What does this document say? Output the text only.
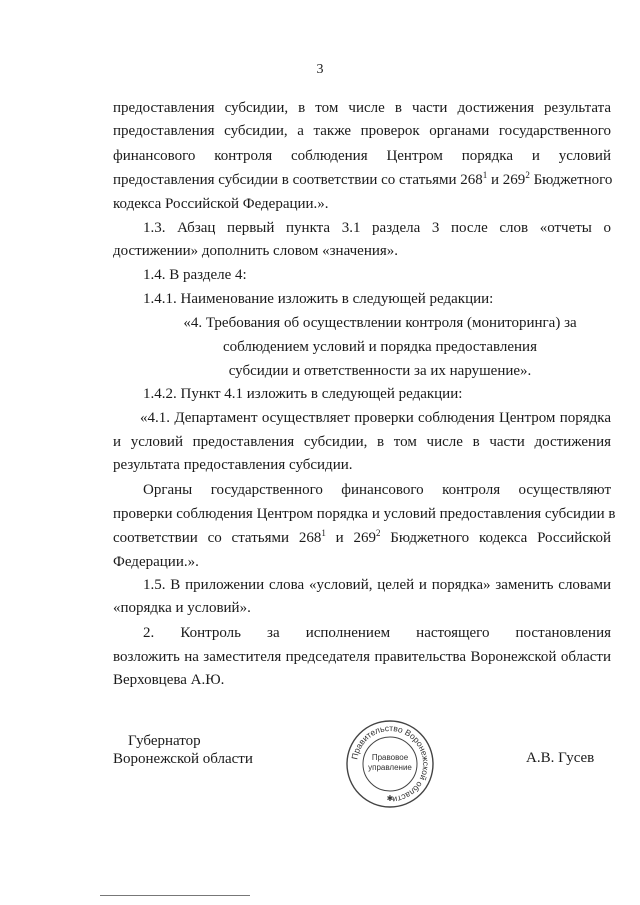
3
предоставления субсидии, в том числе в части достижения результата
предоставления субсидии, а также проверок органами государственного
финансового контроля соблюдения Центром порядка и условий
предоставления субсидии в соответствии со статьями $268^1$ и $269^2$ Бюджетного
кодекса Российской Федерации.».
1.3. Абзац первый пункта 3.1 раздела 3 после слов «отчеты о
достижении» дополнить словом «значения».
1.4. В разделе 4:
1.4.1. Наименование изложить в следующей редакции:
«4. Требования об осуществлении контроля (мониторинга) за
соблюдением условий и порядка предоставления
субсидии и ответственности за их нарушение».
1.4.2. Пункт 4.1 изложить в следующей редакции:
«4.1. Департамент осуществляет проверки соблюдения Центром порядка
и условий предоставления субсидии, в том числе в части достижения
результата предоставления субсидии.
Органы государственного финансового контроля осуществляют
проверки соблюдения Центром порядка и условий предоставления субсидии в
соответствии со статьями $268^1$ и $269^2$ Бюджетного кодекса Российской
Федерации.».
1.5. В приложении слова «условий, целей и порядка» заменить словами
«порядка и условий».
2. Контроль за исполнением настоящего постановления
возложить на заместителя председателя правительства Воронежской области
Верховцева А.Ю.
Губернатор
Воронежской области	Правительство Воронежской области
Правовое
управление
✱
А.В. Гусев
